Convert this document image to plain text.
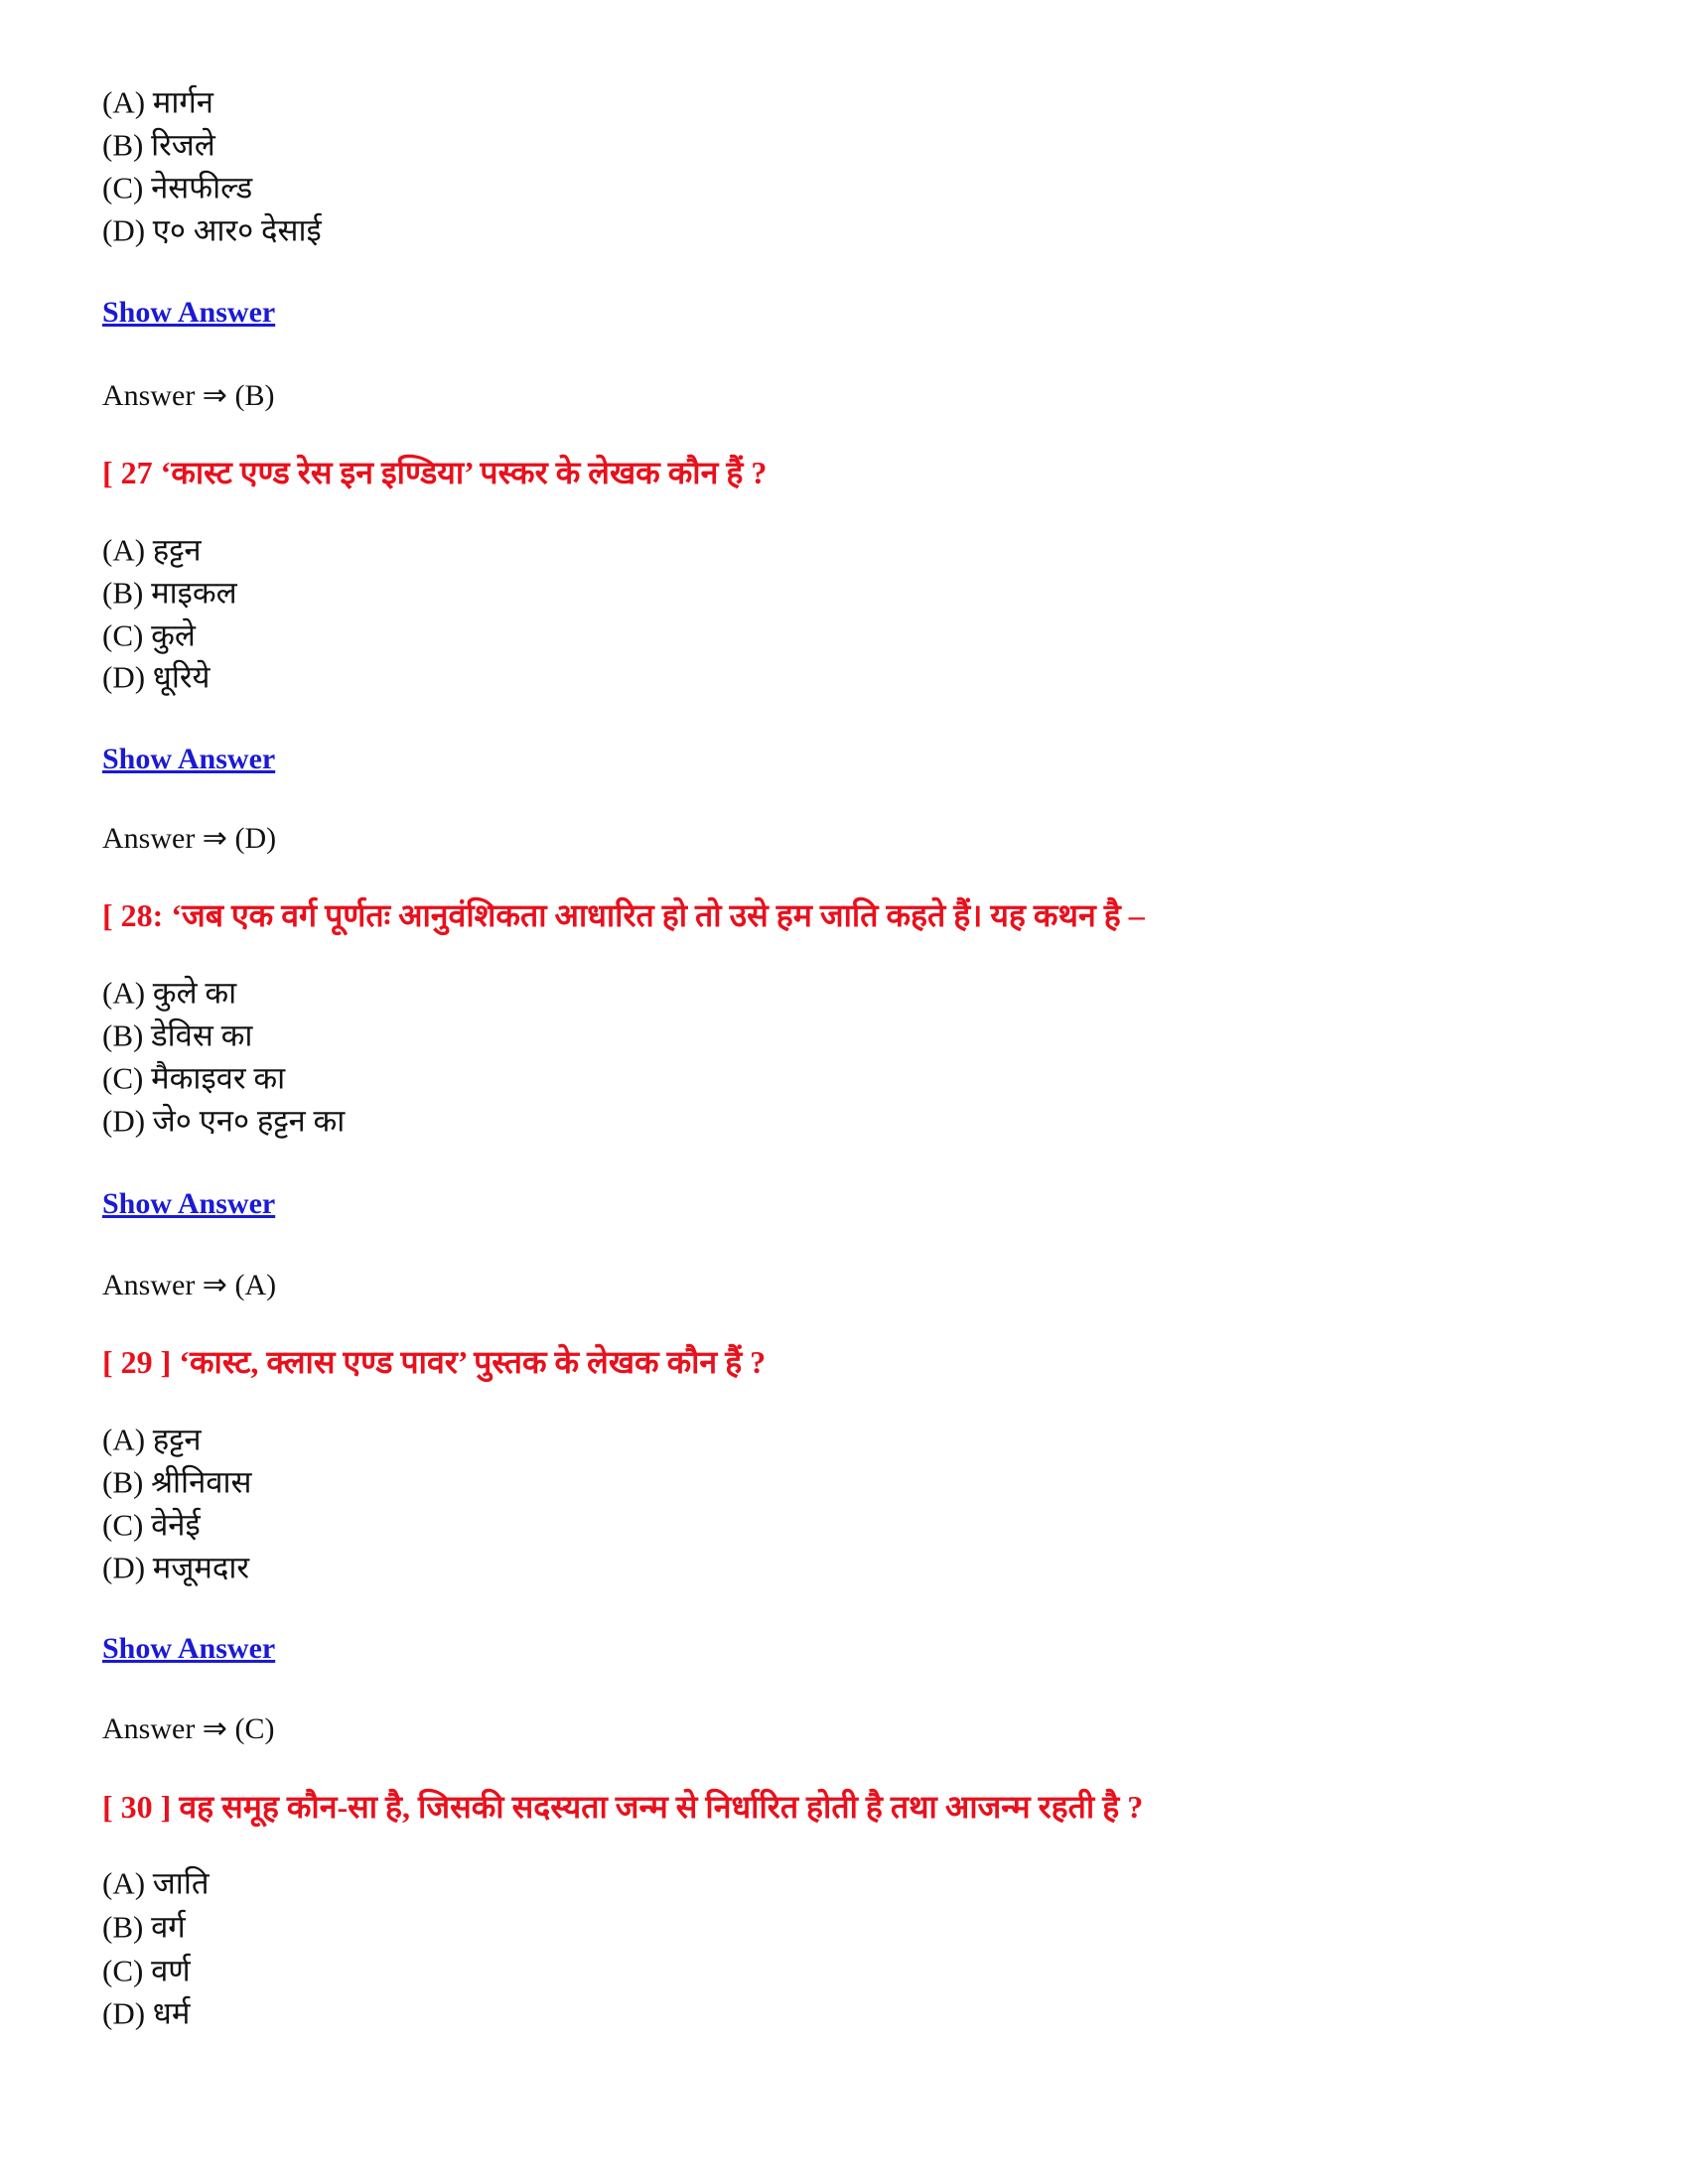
(A) मार्गन
(B) रिजले
(C) नेसफील्ड
(D) ए० आर० देसाई
Show Answer
Answer ⇒ (B)
[ 27 ‘कास्ट एण्ड रेस इन इण्डिया’ पस्कर के लेखक कौन हैं ?
(A) हट्टन
(B) माइकल
(C) कुले
(D) धूरिये
Show Answer
Answer ⇒ (D)
[ 28: ‘जब एक वर्ग पूर्णतः आनुवंशिकता आधारित हो तो उसे हम जाति कहते हैं। यह कथन है –
(A) कुले का
(B) डेविस का
(C) मैकाइवर का
(D) जे० एन० हट्टन का
Show Answer
Answer ⇒ (A)
[ 29 ] ‘कास्ट, क्लास एण्ड पावर’ पुस्तक के लेखक कौन हैं ?
(A) हट्टन
(B) श्रीनिवास
(C) वेनेई
(D) मजूमदार
Show Answer
Answer ⇒ (C)
[ 30 ] वह समूह कौन-सा है, जिसकी सदस्यता जन्म से निर्धारित होती है तथा आजन्म रहती है ?
(A) जाति
(B) वर्ग
(C) वर्ण
(D) धर्म
